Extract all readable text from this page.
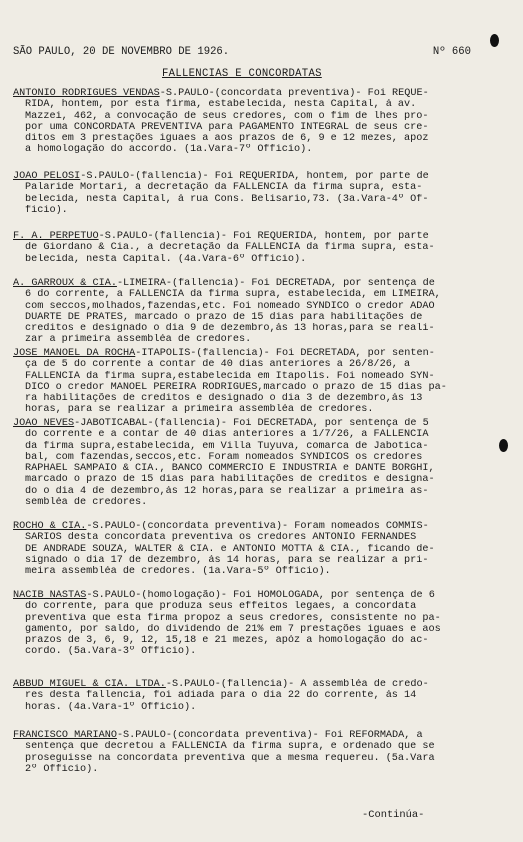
SÃO PAULO, 20 DE NOVEMBRO DE 1926.	Nº 660
FALLENCIAS E CONCORDATAS
ANTONIO RODRIGUES VENDAS-S.PAULO-(concordata preventiva)- Foi REQUE-
RIDA, hontem, por esta firma, estabelecida, nesta Capital, á av.
Mazzei, 462, a convocação de seus credores, com o fim de lhes pro-
por uma CONCORDATA PREVENTIVA para PAGAMENTO INTEGRAL de seus cre-
ditos em 3 prestações iguaes a aos prazos de 6, 9 e 12 mezes, apoz
a homologação do accordo. (1a.Vara-7º Officio).
JOÃO PELOSI-S.PAULO-(fallencia)- Foi REQUERIDA, hontem, por parte de
Palaride Mortari, a decretação da FALLENCIA da firma supra, esta-
belecida, nesta Capital, á rua Cons. Belisario,73. (3a.Vara-4º Of-
ficio).
F. A. PERPETUO-S.PAULO-(fallencia)- Foi REQUERIDA, hontem, por parte
de Giordano & Cia., a decretação da FALLENCIA da firma supra, esta-
belecida, nesta Capital. (4a.Vara-6º Officio).
A. GARROUX & CIA.-LIMEIRA-(fallencia)- Foi DECRETADA, por sentença de
6 do corrente, a FALLENCIA da firma supra, estabelecida, em LIMEIRA,
com seccos,molhados,fazendas,etc. Foi nomeado SYNDICO o credor ADÃO
DUARTE DE PRATES, marcado o prazo de 15 dias para habilitações de
creditos e designado o dia 9 de dezembro,ás 13 horas,para se reali-
zar a primeira assembléa de credores.
JOSÉ MANOEL DA ROCHA-ITAPOLIS-(fallencia)- Foi DECRETADA, por senten-
ça de 5 do corrente a contar de 40 dias anteriores a 26/8/26, a
FALLENCIA da firma supra,estabelecida em Itapolis. Foi nomeado SYN-
DICO o credor MANOEL PEREIRA RODRIGUES,marcado o prazo de 15 dias pa-
ra habilitações de creditos e designado o dia 3 de dezembro,ás 13
horas, para se realizar a primeira assembléa de credores.
JOÃO NEVES-JABOTICABAL-(fallencia)- Foi DECRETADA, por sentença de 5
do corrente e a contar de 40 dias anteriores a 1/7/26, a FALLENCIA
da firma supra,estabelecida, em Villa Tuyuva, comarca de Jabotica-
bal, com fazendas,seccos,etc. Foram nomeados SYNDICOS os credores
RAPHAEL SAMPAIO & CIA., BANCO COMMERCIO E INDUSTRIA e DANTE BORGHI,
marcado o prazo de 15 dias para habilitações de creditos e designa-
do o dia 4 de dezembro,ás 12 horas,para se realizar a primeira as-
sembléa de credores.
ROCHO & CIA.-S.PAULO-(concordata preventiva)- Foram nomeados COMMIS-
SARIOS desta concordata preventiva os credores ANTONIO FERNANDES
DE ANDRADE SOUZA, WALTER & CIA. e ANTONIO MOTTA & CIA., ficando de-
signado o dia 17 de dezembro, ás 14 horas, para se realizar a pri-
meira assembléa de credores. (1a.Vara-5º Officio).
NACIB NASTAS-S.PAULO-(homologação)- Foi HOMOLOGADA, por sentença de 6
do corrente, para que produza seus effeitos legaes, a concordata
preventiva que esta firma propoz a seus credores, consistente no pa-
gamento, por saldo, do dividendo de 21% em 7 prestações iguaes e aos
prazos de 3, 6, 9, 12, 15,18 e 21 mezes, apóz a homologação do ac-
cordo. (5a.Vara-3º Officio).
ABBUD MIGUEL & CIA. LTDA.-S.PAULO-(fallencia)- A assembléa de credo-
res desta fallencia, foi adiada para o dia 22 do corrente, ás 14
horas. (4a.Vara-1º Officio).
FRANCISCO MARIANO-S.PAULO-(concordata preventiva)- Foi REFORMADA, a
sentença que decretou a FALLENCIA da firma supra, e ordenado que se
proseguisse na concordata preventiva que a mesma requereu. (5a.Vara
2º Officio).
-Continúa-
